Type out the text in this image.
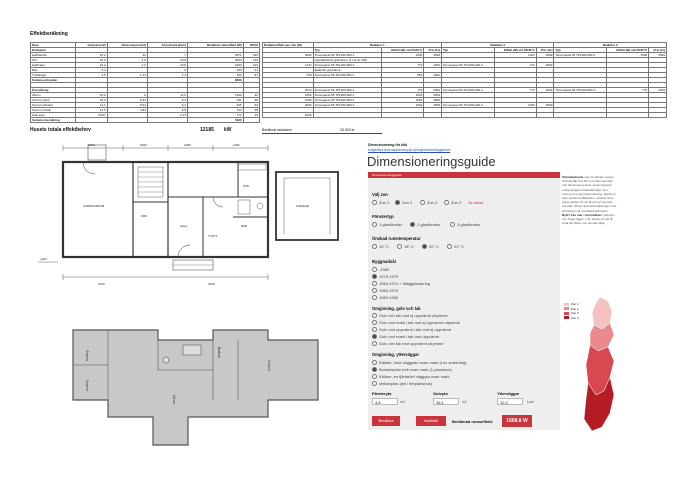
Effektberäkning
Rum	Golvyta (m2)	Rumsvolym (m3)	Fönsteryta (kvm)	Beräknat rumseffekt (W)	W/m2
Entreplan					
Hall/tambur	16,2	43	7	3971	245
WC	16,2	4,5	16,8	2003	124
Hall/trapp	16,2	4,3	16,8	1993	123
Bad	5,4		0	493	91
Tvättstuga	4,5	1,44	1,3	392	87
Summa entreplan				6849	

Övervåning					
Allrum	32,9	9	14,6	1499	46
Sovrum (Nor)	18,9	5,54	6,4	911	48
Sovrum (Söder)	12,1	5,54	6,4	645	53
Sovrum (Väst)	12,5	4,84	6,5	703	56
Hall uppe	15,87		2,74	772	49
Summa övervåning				5336	
Radiatoreffekt per rum (W)	Radiator 1			Radiator 2			Radiator 3		
	Typ	Effekt (W) vid 55/45°C	Pris (kr)	Typ	Effekt (W) vid 55/45°C	Pris (kr)	Typ	Effekt (W) vid 55/45°C	Pris (kr)
3066	Termopanel 66 TP1200-600 2	1500	2599		1423	2599	Termopanel 66 TP1200-600 2	1500	2599
	Handdukstork golvvärme (4 m2 av 100)								
1447	Termopanel 66 TP1200-600 2	772	2062	Termopanel 66 TP1200-600 2	772	2062			
	Elektrisk golvvärme								
709	Termopanel 66 TP1200-600 2	963	2062						

2513	Termopanel 66 TP1200-600 2	772	2062	Termopanel 66 TP1200-600 2	772	2062	Termopanel 66 TP1200-600 2	772	2062
1066	Termopanel 66 TP1200-600 2	1064	2509						
1066	Termopanel 66 TP1200-600 2	1064	2509						
2062	Termopanel 66 TP1200-600 2	1064	2509	Termopanel 66 TP1200-600 2	1529	2509			

6425									
Husets totala effektbehov	12185 kW	Beräknat radiatorer	33 500 kr
VARDAGSRUM
KÖK
HALL	BAD
TVÄTT
FRD
GARAGE
6190	3150	2180	1180
3150	3430
+0±0
Sovrum
Sovrum
Sovrum
Allrum
Badrum
Dimensionering för kök
bidgehepr.fpmvassvessd.pyf.de/ejsmessmmupgnbud
Dimensioneringsguide
Dimensioneringsguide
Välj zon
Zon 1	Zon 2	Zon 3	Zon 4 Se karta
Fönstertyp
1-glasfönster	2-glasfönster	3-glasfönster
Önskad rumstemperatur
15° C	18° C	20° C	22° C
Byggnadsår
-1960
1975-1979
1964-1974 + tilläggsisolering
1960-1970
1950-1959
Omgivning, golv och tak
Golv och tak mot ej uppvärmt utrymme
Golv mot mark i tak mot ej uppvärmt utrymme
Golv mot uppvärmt i tak mot ej uppvärmt
Golv mot mark i tak mot uppvärmt
Golv och tak mot uppvärmt utrymme
Omgivning, ytterväggar
Källare, hela väggytan ovan mark (t.ex suterräng)
Bostadsplan helt ovan mark (1-planshus)
Källare, en fjärdedel väggyta ovan mark
Mellanplan (del i flerplanshus)
Färsteryta
4,6	m2
Golvyta
16,1	m2
Ytterväggar
12,2	Lpm
Beräkna	Nollställ	Beräknad rumseffekt:	1668.8 W
Värmebehovet som är räknat mycket förlustsnålt och 20°C rumstemperatur och dimensionerande utetemperatur enligt gängse förutsättningar. Om rummet har gammal isolering, plantrum eller andra förhållanden, använd dina egna värden för att få ett mer korrekt resultat. Observera att beräkningen inte tar hänsyn till ventilationsförluster.
Nytt? Läs mer i formulären: Välj den zon huset ligger i. Se kartan för att få reda på vilken zon du ska välja.
Zon 1
Zon 2
Zon 3
Zon 4
